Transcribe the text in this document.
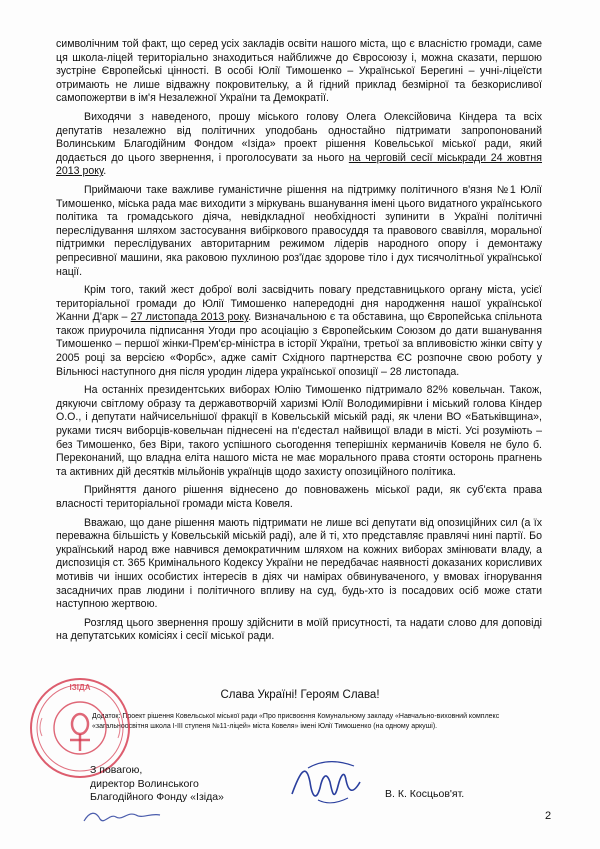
символічним той факт, що серед усіх закладів освіти нашого міста, що є власністю громади, саме ця школа-ліцей територіально знаходиться найближче до Євросоюзу і, можна сказати, першою зустріне Європейські цінності. В особі Юлії Тимошенко – Української Берегині – учні-ліцеїсти отримають не лише відважну покровительку, а й гідний приклад безмірної та безкорисливої самопожертви в ім'я Незалежної України та Демократії.

Виходячи з наведеного, прошу міського голову Олега Олексійовича Кіндера та всіх депутатів незалежно від політичних уподобань одностайно підтримати запропонований Волинським Благодійним Фондом «Ізіда» проект рішення Ковельської міської ради, який додається до цього звернення, і проголосувати за нього на черговій сесії міськради 24 жовтня 2013 року.

Приймаючи таке важливе гуманістичне рішення на підтримку політичного в'язня №1 Юлії Тимошенко, міська рада має виходити з міркувань вшанування імені цього видатного українського політика та громадського діяча, невідкладної необхідності зупинити в Україні політичні переслідування шляхом застосування вибіркового правосуддя та правового свавілля, моральної підтримки переслідуваних авторитарним режимом лідерів народного опору і демонтажу репресивної машини, яка раковою пухлиною роз'їдає здорове тіло і дух тисячолітньої української нації.

Крім того, такий жест доброї волі засвідчить повагу представницького органу міста, усієї територіальної громади до Юлії Тимошенко напередодні дня народження нашої української Жанни Д'арк – 27 листопада 2013 року. Визначальною є та обставина, що Європейська спільнота також приурочила підписання Угоди про асоціацію з Європейським Союзом до дати вшанування Тимошенко – першої жінки-Прем'єр-міністра в історії України, третьої за впливовістю жінки світу у 2005 році за версією «Форбс», адже саміт Східного партнерства ЄС розпочне свою роботу у Вільнюсі наступного дня після уродин лідера української опозиції – 28 листопада.

На останніх президентських виборах Юлію Тимошенко підтримало 82% ковельчан. Також, дякуючи світлому образу та державотворчій харизмі Юлії Володимирівни і міський голова Кіндер О.О., і депутати найчисельнішої фракції в Ковельській міській раді, як члени ВО «Батьківщина», руками тисяч виборців-ковельчан піднесені на п'єдестал найвищої влади в місті. Усі розуміють – без Тимошенко, без Віри, такого успішного сьогодення теперішніх керманичів Ковеля не було б. Переконаний, що владна еліта нашого міста не має морального права стояти осторонь прагнень та активних дій десятків мільйонів українців щодо захисту опозиційного політика.

Прийняття даного рішення віднесено до повноважень міської ради, як суб'єкта права власності територіальної громади міста Ковеля.

Вважаю, що дане рішення мають підтримати не лише всі депутати від опозиційних сил (а їх переважна більшість у Ковельській міській раді), але й ті, хто представляє правлячі нині партії. Бо український народ вже навчився демократичним шляхом на кожних виборах змінювати владу, а диспозиція ст. 365 Кримінального Кодексу України не передбачає наявності доказаних корисливих мотивів чи інших особистих інтересів в діях чи намірах обвинуваченого, у вмовах ігнорування засадничих прав людини і політичного впливу на суд, будь-хто із посадових осіб може стати наступною жертвою.

Розгляд цього звернення прошу здійснити в моїй присутності, та надати слово для доповіді на депутатських комісіях і сесії міської ради.

Слава Україні! Героям Слава!
Додаток: Проект рішення Ковельської міської ради «Про присвоєння Комунальному закладу «Навчально-виховний комплекс «загальноосвітня школа І-ІІІ ступеня №11-ліцей» міста Ковеля» імені Юлії Тимошенко (на одному аркуші).
ІЗІДА
З повагою,
директор Волинського
Благодійного Фонду «Ізіда»	В. К. Косцьов'ят.
2
